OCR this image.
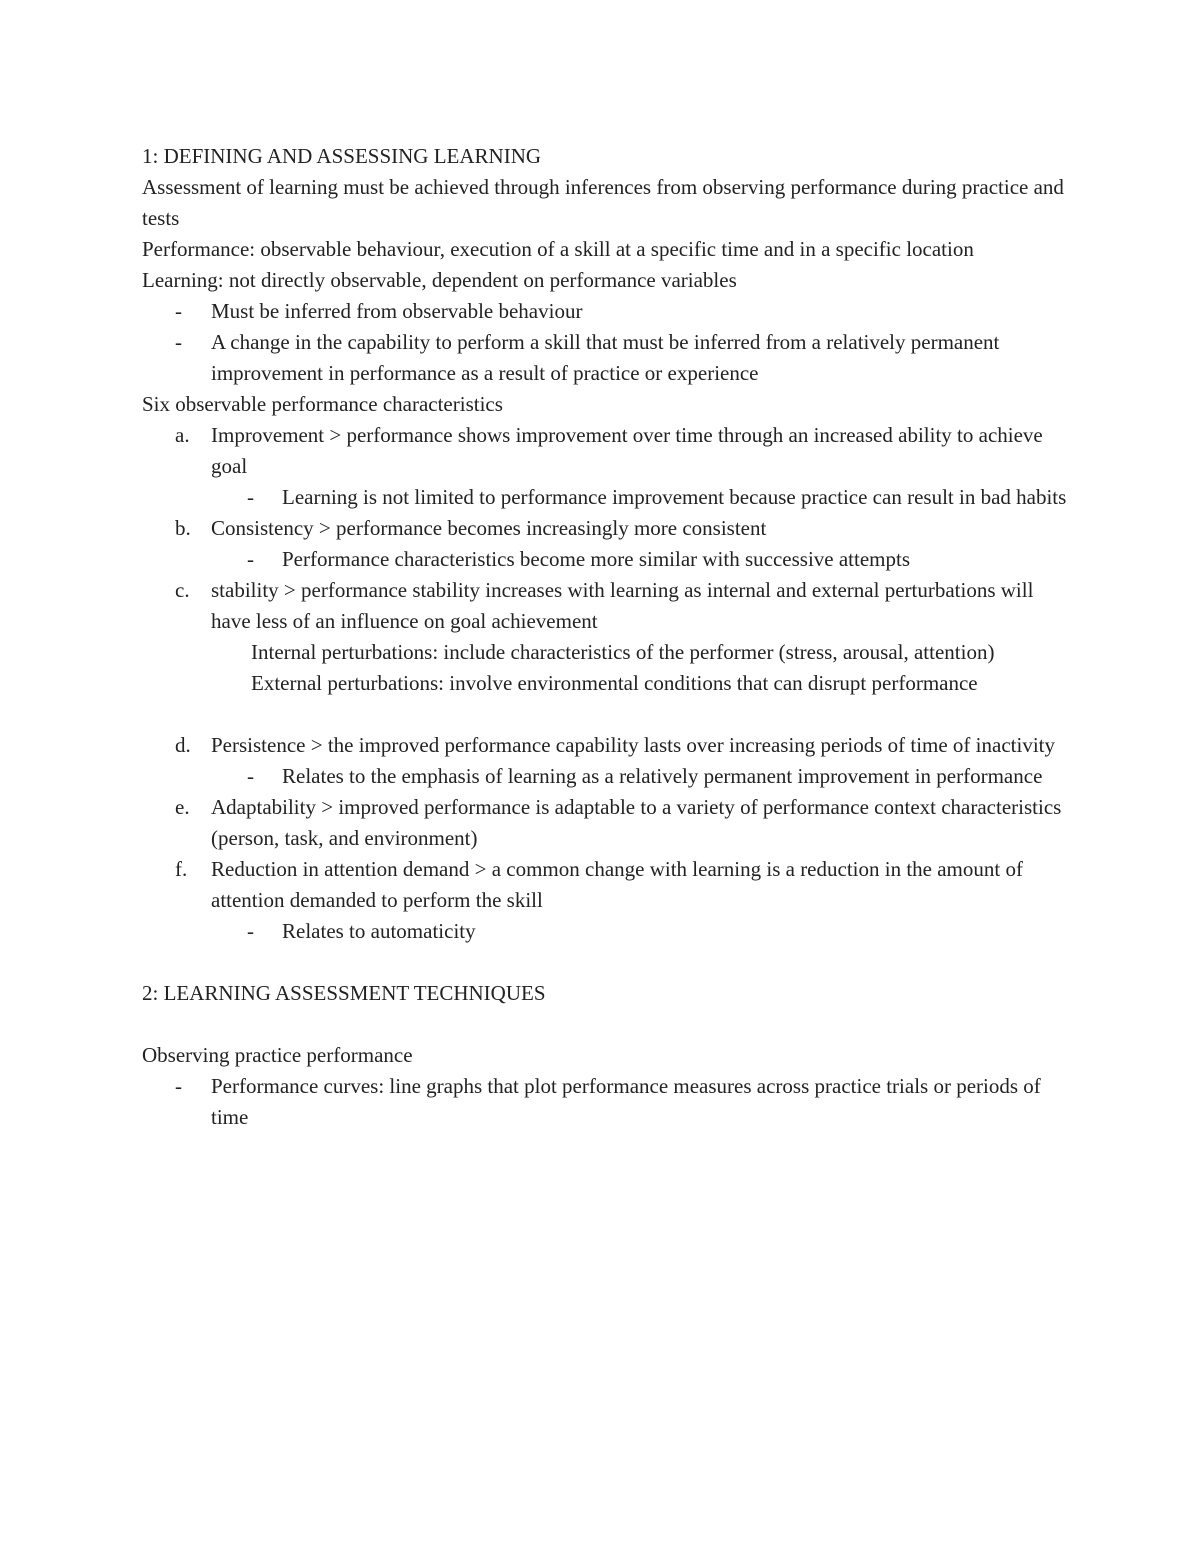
1: DEFINING AND ASSESSING LEARNING

Assessment of learning must be achieved through inferences from observing performance during practice and tests

Performance: observable behaviour, execution of a skill at a specific time and in a specific location

Learning: not directly observable, dependent on performance variables

- Must be inferred from observable behaviour
- A change in the capability to perform a skill that must be inferred from a relatively permanent improvement in performance as a result of practice or experience

Six observable performance characteristics

a. Improvement > performance shows improvement over time through an increased ability to achieve goal
- Learning is not limited to performance improvement because practice can result in bad habits
b. Consistency > performance becomes increasingly more consistent
- Performance characteristics become more similar with successive attempts
c. stability > performance stability increases with learning as internal and external perturbations will have less of an influence on goal achievement
Internal perturbations: include characteristics of the performer (stress, arousal, attention)
External perturbations: involve environmental conditions that can disrupt performance
d. Persistence > the improved performance capability lasts over increasing periods of time of inactivity
- Relates to the emphasis of learning as a relatively permanent improvement in performance
e. Adaptability > improved performance is adaptable to a variety of performance context characteristics (person, task, and environment)
f. Reduction in attention demand > a common change with learning is a reduction in the amount of attention demanded to perform the skill
- Relates to automaticity

2: LEARNING ASSESSMENT TECHNIQUES

Observing practice performance

- Performance curves: line graphs that plot performance measures across practice trials or periods of time
